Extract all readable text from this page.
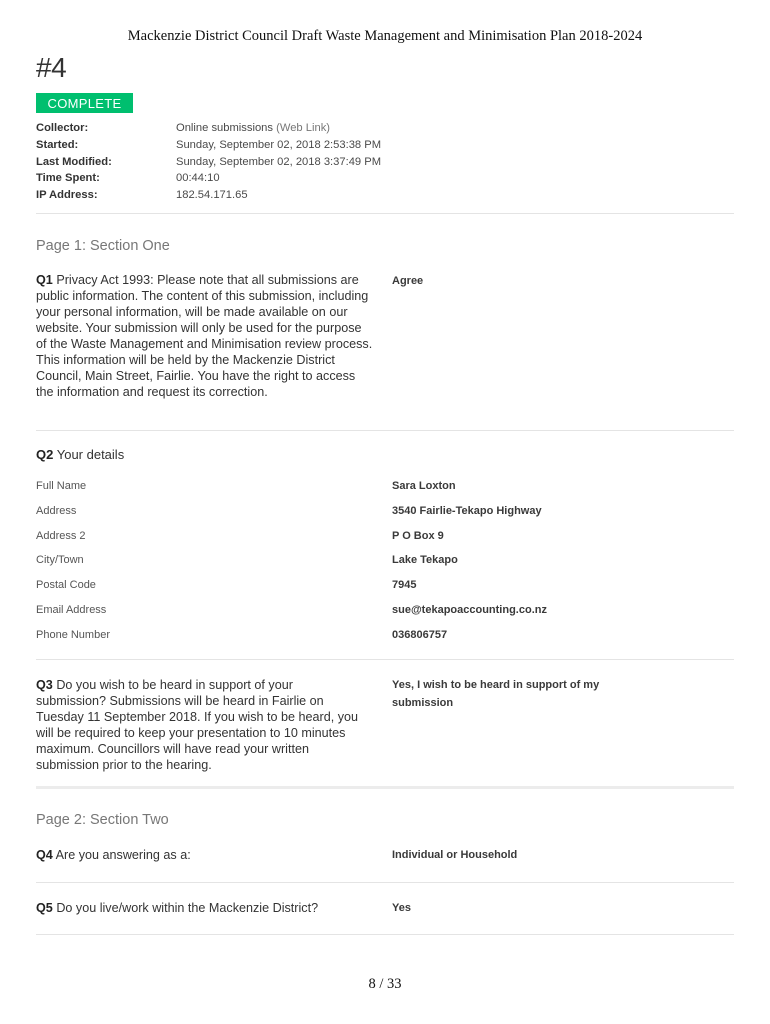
Mackenzie District Council Draft Waste Management and Minimisation Plan 2018-2024
#4
COMPLETE
Collector:	Online submissions (Web Link)
Started:	Sunday, September 02, 2018 2:53:38 PM
Last Modified:	Sunday, September 02, 2018 3:37:49 PM
Time Spent:	00:44:10
IP Address:	182.54.171.65
Page 1: Section One
Q1 Privacy Act 1993: Please note that all submissions are public information. The content of this submission, including your personal information, will be made available on our website. Your submission will only be used for the purpose of the Waste Management and Minimisation review process. This information will be held by the Mackenzie District Council, Main Street, Fairlie. You have the right to access the information and request its correction.
Agree
Q2 Your details
Full Name	Sara Loxton
Address	3540 Fairlie-Tekapo Highway
Address 2	P O Box 9
City/Town	Lake Tekapo
Postal Code	7945
Email Address	sue@tekapoaccounting.co.nz
Phone Number	036806757
Q3 Do you wish to be heard in support of your submission? Submissions will be heard in Fairlie on Tuesday 11 September 2018. If you wish to be heard, you will be required to keep your presentation to 10 minutes maximum. Councillors will have read your written submission prior to the hearing.
Yes, I wish to be heard in support of my submission
Page 2: Section Two
Q4 Are you answering as a:	Individual or Household
Q5 Do you live/work within the Mackenzie District?	Yes
8 / 33
